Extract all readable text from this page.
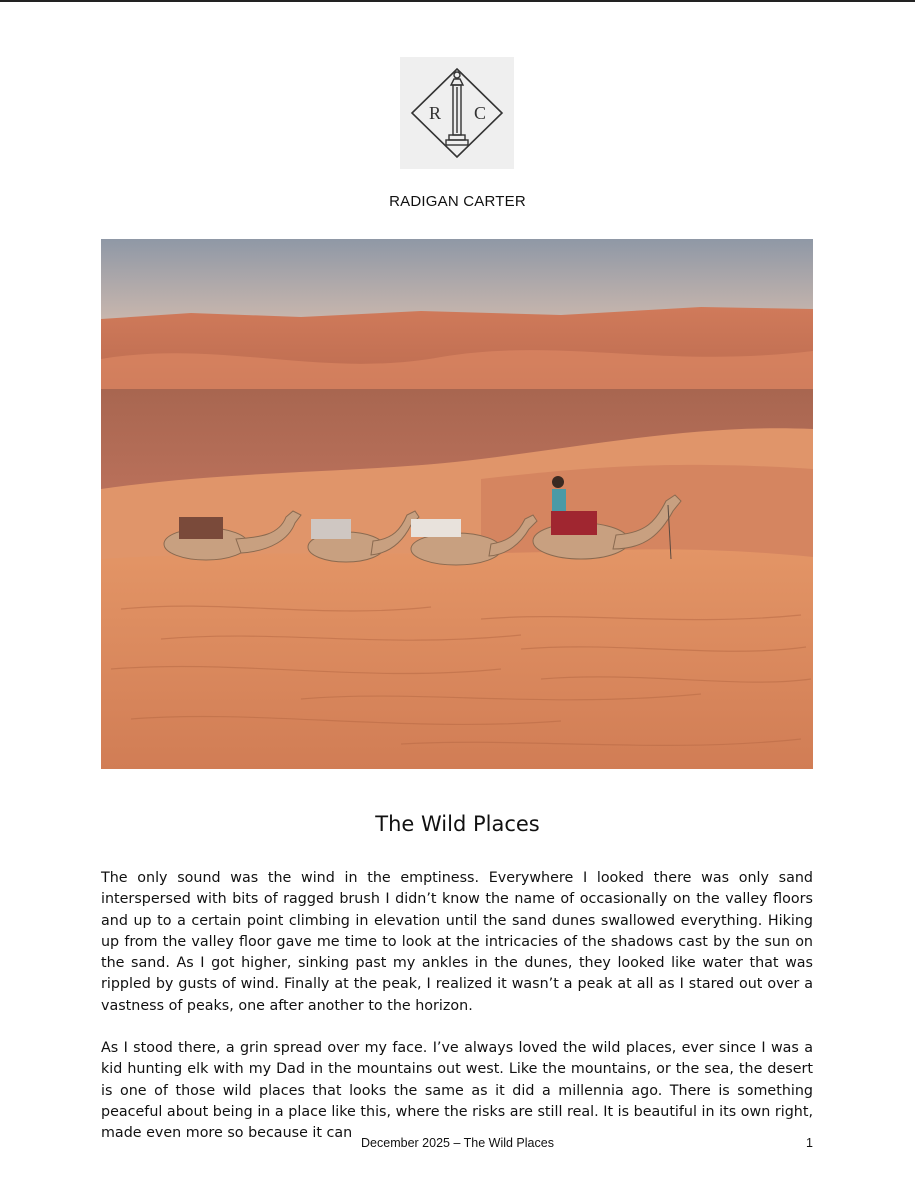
R C
RADIGAN CARTER
The Wild Places

The only sound was the wind in the emptiness. Everywhere I looked there was only sand interspersed with bits of ragged brush I didn’t know the name of occasionally on the valley floors and up to a certain point climbing in elevation until the sand dunes swallowed everything. Hiking up from the valley floor gave me time to look at the intricacies of the shadows cast by the sun on the sand. As I got higher, sinking past my ankles in the dunes, they looked like water that was rippled by gusts of wind. Finally at the peak, I realized it wasn’t a peak at all as I stared out over a vastness of peaks, one after another to the horizon.

As I stood there, a grin spread over my face. I’ve always loved the wild places, ever since I was a kid hunting elk with my Dad in the mountains out west. Like the mountains, or the sea, the desert is one of those wild places that looks the same as it did a millennia ago. There is something peaceful about being in a place like this, where the risks are still real. It is beautiful in its own right, made even more so because it can

December 2025 – The Wild Places	1
